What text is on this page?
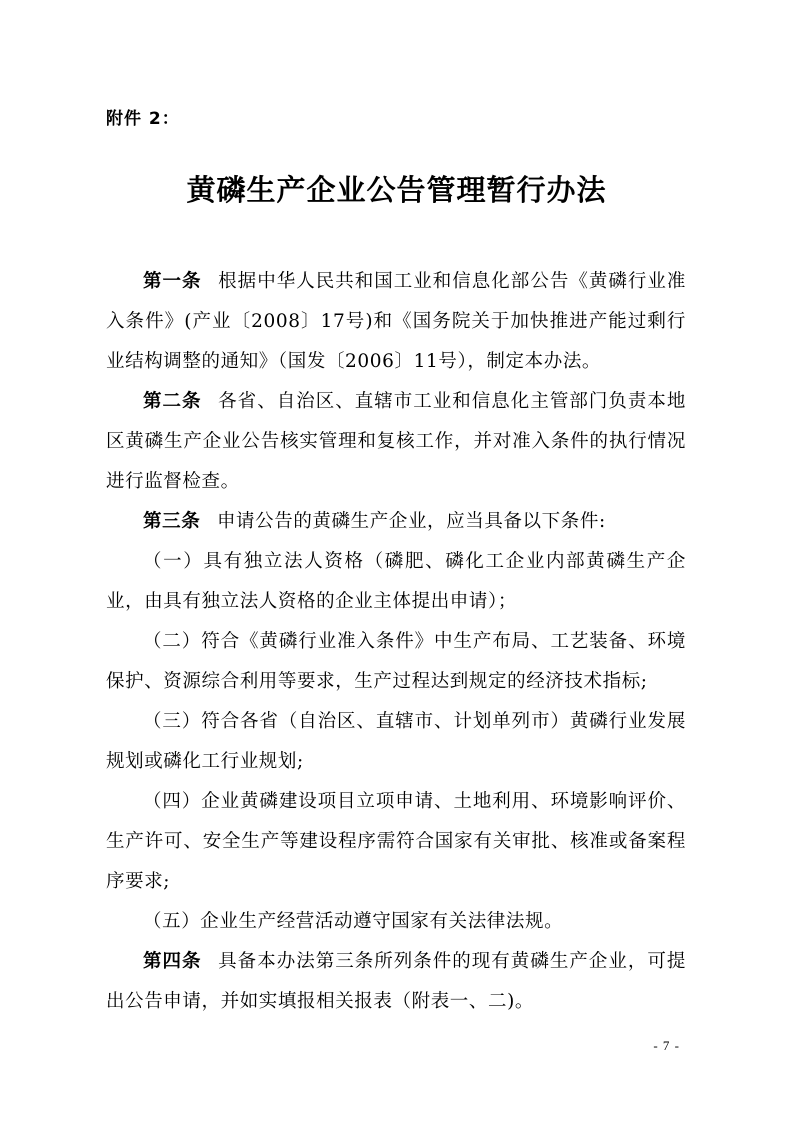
附件 2：
黄磷生产企业公告管理暂行办法

第一条 根据中华人民共和国工业和信息化部公告《黄磷行业准入条件》(产业〔2008〕17号)和《国务院关于加快推进产能过剩行业结构调整的通知》（国发〔2006〕11号），制定本办法。

第二条 各省、自治区、直辖市工业和信息化主管部门负责本地区黄磷生产企业公告核实管理和复核工作，并对准入条件的执行情况进行监督检查。

第三条 申请公告的黄磷生产企业，应当具备以下条件:

（一）具有独立法人资格（磷肥、磷化工企业内部黄磷生产企业，由具有独立法人资格的企业主体提出申请）；

（二）符合《黄磷行业准入条件》中生产布局、工艺装备、环境保护、资源综合利用等要求，生产过程达到规定的经济技术指标;

（三）符合各省（自治区、直辖市、计划单列市）黄磷行业发展规划或磷化工行业规划;

（四）企业黄磷建设项目立项申请、土地利用、环境影响评价、生产许可、安全生产等建设程序需符合国家有关审批、核准或备案程序要求;

（五）企业生产经营活动遵守国家有关法律法规。

第四条 具备本办法第三条所列条件的现有黄磷生产企业，可提出公告申请，并如实填报相关报表（附表一、二)。

- 7 -
